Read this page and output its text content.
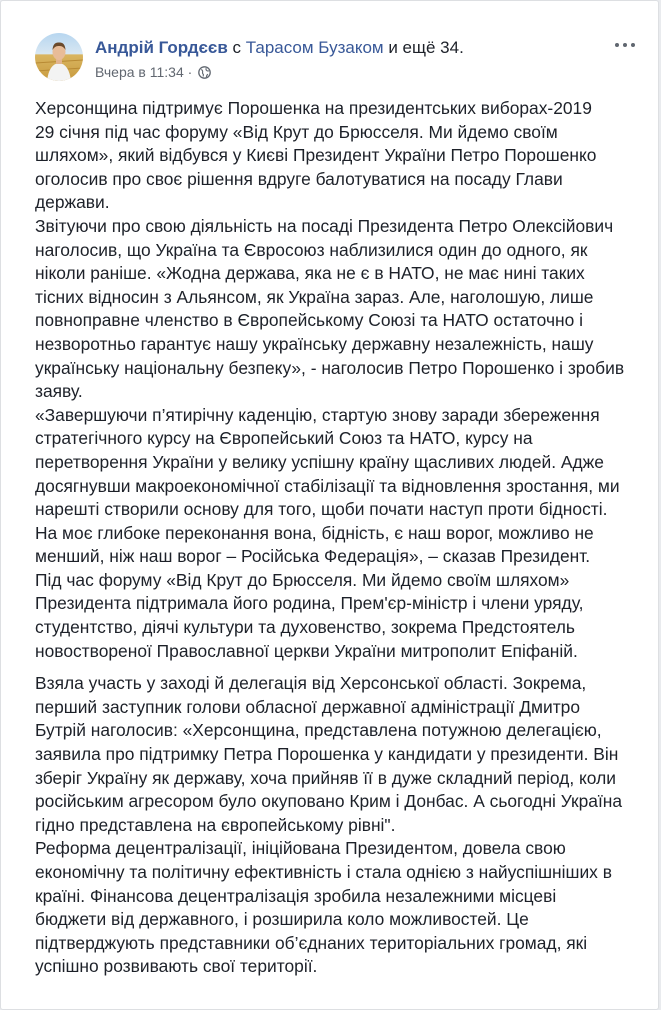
Андрій Гордєєв с Тарасом Бузаком и ещё 34.
Вчера в 11:34 ·

Херсонщина підтримує Порошенка на президентських виборах-2019

29 січня під час форуму «Від Крут до Брюсселя. Ми йдемо своїм

шляхом», який відбувся у Києві Президент України Петро Порошенко

оголосив про своє рішення вдруге балотуватися на посаду Глави

держави.

Звітуючи про свою діяльність на посаді Президента Петро Олексійович

наголосив, що Україна та Євросоюз наблизилися один до одного, як

ніколи раніше. «Жодна держава, яка не є в НАТО, не має нині таких

тісних відносин з Альянсом, як Україна зараз. Але, наголошую, лише

повноправне членство в Європейському Союзі та НАТО остаточно і

незворотньо гарантує нашу українську державну незалежність, нашу

українську національну безпеку», - наголосив Петро Порошенко і зробив

заяву.

«Завершуючи п’ятирічну каденцію, стартую знову заради збереження

стратегічного курсу на Європейський Союз та НАТО, курсу на

перетворення України у велику успішну країну щасливих людей. Адже

досягнувши макроекономічної стабілізації та відновлення зростання, ми

нарешті створили основу для того, щоби почати наступ проти бідності.

На моє глибоке переконання вона, бідність, є наш ворог, можливо не

менший, ніж наш ворог – Російська Федерація», – сказав Президент.

Під час форуму «Від Крут до Брюсселя. Ми йдемо своїм шляхом»

Президента підтримала його родина, Прем'єр-міністр і члени уряду,

студентство, діячі культури та духовенство, зокрема Предстоятель

новоствореної Православної церкви України митрополит Епіфаній.

Взяла участь у заході й делегація від Херсонської області. Зокрема,

перший заступник голови обласної державної адміністрації Дмитро

Бутрій наголосив: «Херсонщина, представлена потужною делегацією,

заявила про підтримку Петра Порошенка у кандидати у президенти. Він

зберіг Україну як державу, хоча прийняв її в дуже складний період, коли

російським агресором було окуповано Крим і Донбас. А сьогодні Україна

гідно представлена на європейському рівні".

Реформа децентралізації, ініційована Президентом, довела свою

економічну та політичну ефективність і стала однією з найуспішніших в

країні. Фінансова децентралізація зробила незалежними місцеві

бюджети від державного, і розширила коло можливостей. Це

підтверджують представники об’єднаних територіальних громад, які

успішно розвивають свої території.
